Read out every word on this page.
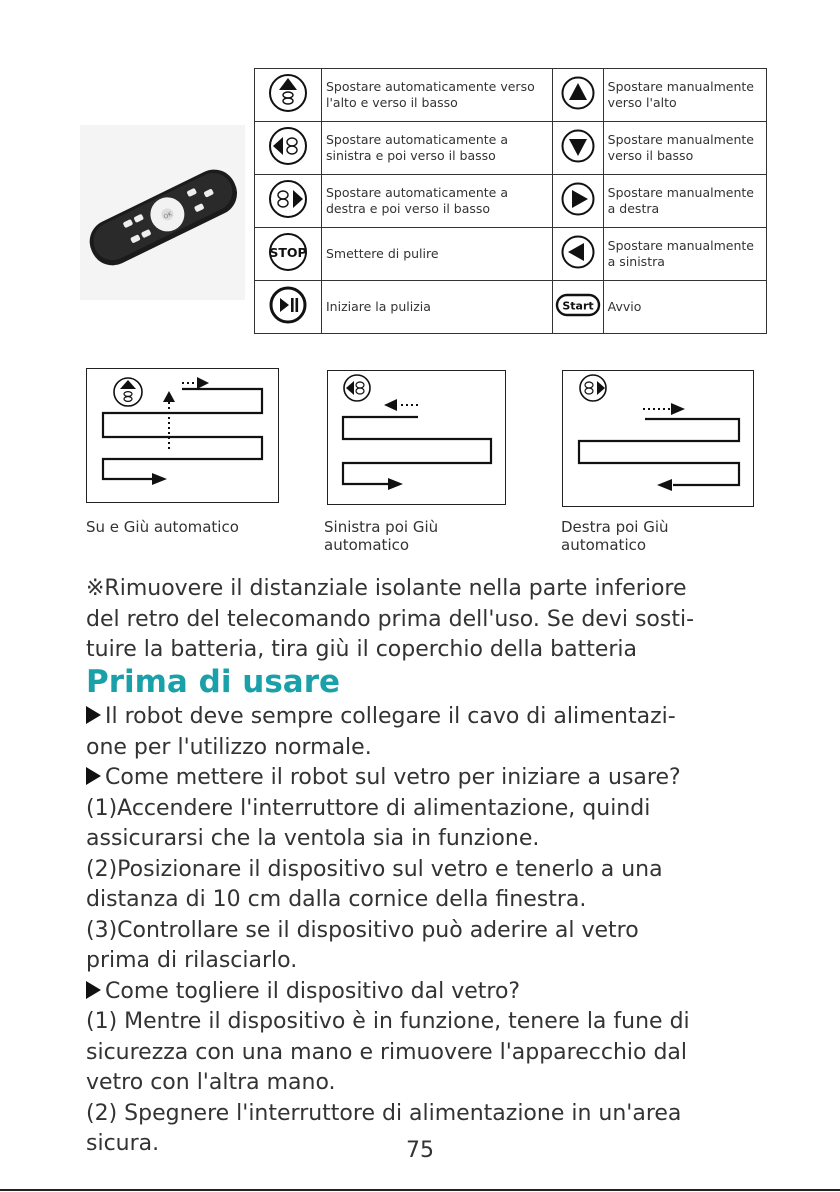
OK
	Spostare automaticamente verso l'alto e verso il basso		Spostare manualmente verso l'alto
	Spostare automaticamente a sinistra e poi verso il basso		Spostare manualmente verso il basso
	Spostare automaticamente a destra e poi verso il basso		Spostare manualmente a destra

STOP	Smettere di pulire		Spostare manualmente a sinistra
	Iniziare la pulizia	Start	Avvio
Su e Giù automatico	Sinistra poi Giù
automatico
Destra poi Giù
automatico
※Rimuovere il distanziale isolante nella parte inferiore
del retro del telecomando prima dell'uso. Se devi sosti-
tuire la batteria, tira giù il coperchio della batteria
Prima di usare
Il robot deve sempre collegare il cavo di alimentazi-
one per l'utilizzo normale.
Come mettere il robot sul vetro per iniziare a usare?
(1)Accendere l'interruttore di alimentazione, quindi
assicurarsi che la ventola sia in funzione.
(2)Posizionare il dispositivo sul vetro e tenerlo a una
distanza di 10 cm dalla cornice della finestra.
(3)Controllare se il dispositivo può aderire al vetro
prima di rilasciarlo.
Come togliere il dispositivo dal vetro?
(1) Mentre il dispositivo è in funzione, tenere la fune di
sicurezza con una mano e rimuovere l'apparecchio dal
vetro con l'altra mano.
(2) Spegnere l'interruttore di alimentazione in un'area
sicura.	75
